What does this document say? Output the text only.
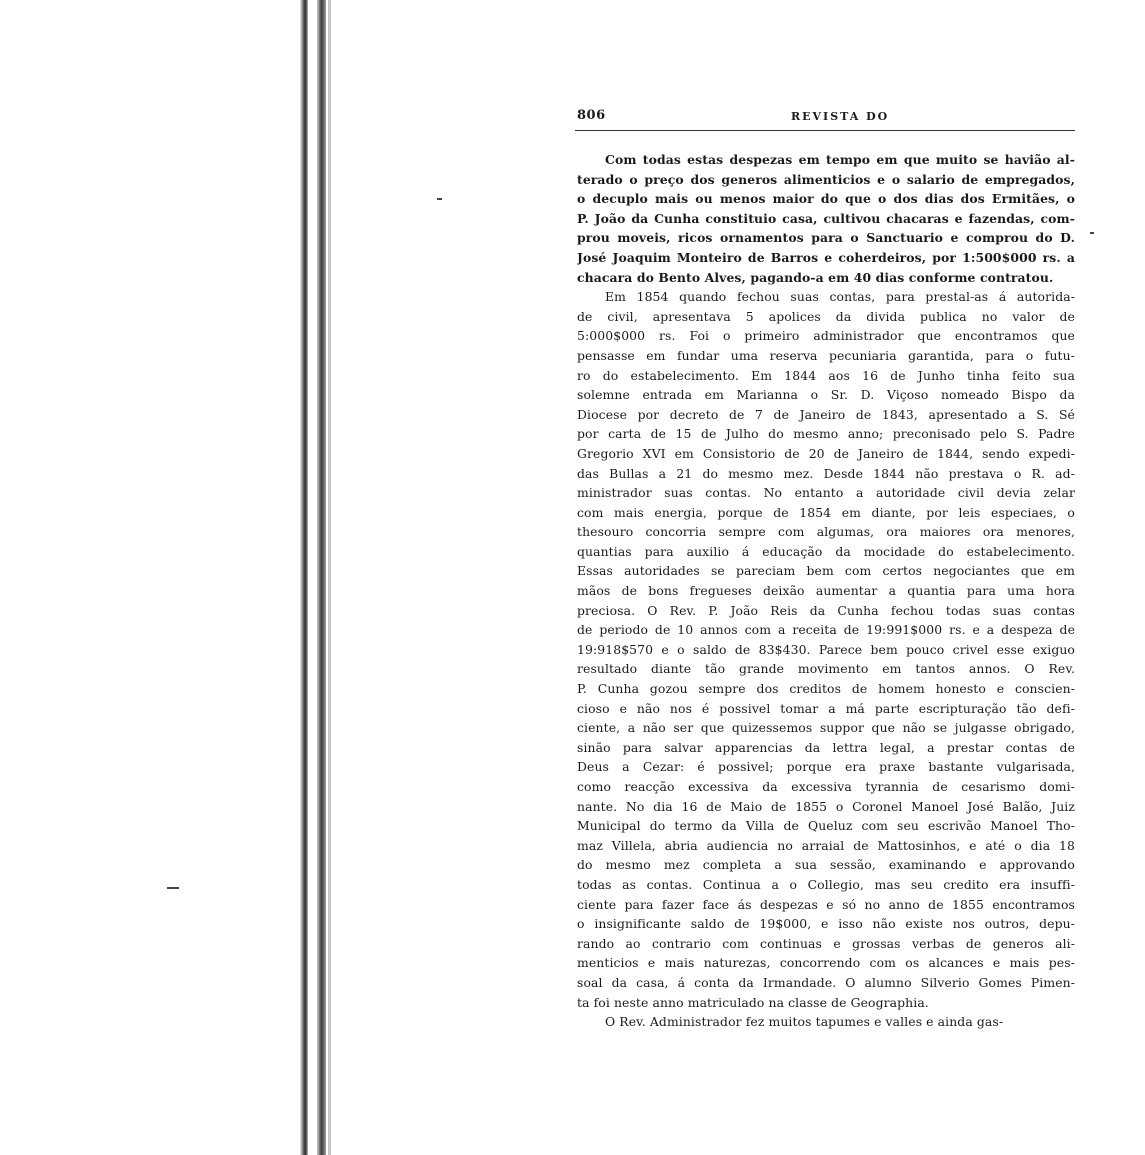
806	REVISTA DO
Com todas estas despezas em tempo em que muito se havião al-
terado o preço dos generos alimenticios e o salario de empregados,
o decuplo mais ou menos maior do que o dos dias dos Ermitães, o
P. João da Cunha constituio casa, cultivou chacaras e fazendas, com-
prou moveis, ricos ornamentos para o Sanctuario e comprou do D.
José Joaquim Monteiro de Barros e coherdeiros, por 1:500$000 rs. a
chacara do Bento Alves, pagando-a em 40 dias conforme contratou.
Em 1854 quando fechou suas contas, para prestal-as á autorida-
de civil, apresentava 5 apolices da divida publica no valor de
5:000$000 rs. Foi o primeiro administrador que encontramos que
pensasse em fundar uma reserva pecuniaria garantida, para o futu-
ro do estabelecimento. Em 1844 aos 16 de Junho tinha feito sua
solemne entrada em Marianna o Sr. D. Viçoso nomeado Bispo da
Diocese por decreto de 7 de Janeiro de 1843, apresentado a S. Sé
por carta de 15 de Julho do mesmo anno; preconisado pelo S. Padre
Gregorio XVI em Consistorio de 20 de Janeiro de 1844, sendo expedi-
das Bullas a 21 do mesmo mez. Desde 1844 não prestava o R. ad-
ministrador suas contas. No entanto a autoridade civil devia zelar
com mais energia, porque de 1854 em diante, por leis especiaes, o
thesouro concorria sempre com algumas, ora maiores ora menores,
quantias para auxilio á educação da mocidade do estabelecimento.
Essas autoridades se pareciam bem com certos negociantes que em
mãos de bons fregueses deixão aumentar a quantia para uma hora
preciosa. O Rev. P. João Reis da Cunha fechou todas suas contas
de periodo de 10 annos com a receita de 19:991$000 rs. e a despeza de
19:918$570 e o saldo de 83$430. Parece bem pouco crivel esse exiguo
resultado diante tão grande movimento em tantos annos. O Rev.
P. Cunha gozou sempre dos creditos de homem honesto e conscien-
cioso e não nos é possivel tomar a má parte escripturação tão defi-
ciente, a não ser que quizessemos suppor que não se julgasse obrigado,
sinão para salvar apparencias da lettra legal, a prestar contas de
Deus a Cezar: é possivel; porque era praxe bastante vulgarisada,
como reacção excessiva da excessiva tyrannia de cesarismo domi-
nante. No dia 16 de Maio de 1855 o Coronel Manoel José Balão, Juiz
Municipal do termo da Villa de Queluz com seu escrivão Manoel Tho-
maz Villela, abria audiencia no arraial de Mattosinhos, e até o dia 18
do mesmo mez completa a sua sessão, examinando e approvando
todas as contas. Continua a o Collegio, mas seu credito era insuffi-
ciente para fazer face ás despezas e só no anno de 1855 encontramos
o insignificante saldo de 19$000, e isso não existe nos outros, depu-
rando ao contrario com continuas e grossas verbas de generos ali-
menticios e mais naturezas, concorrendo com os alcances e mais pes-
soal da casa, á conta da Irmandade. O alumno Silverio Gomes Pimen-
ta foi neste anno matriculado na classe de Geographia.
O Rev. Administrador fez muitos tapumes e valles e ainda gas-
